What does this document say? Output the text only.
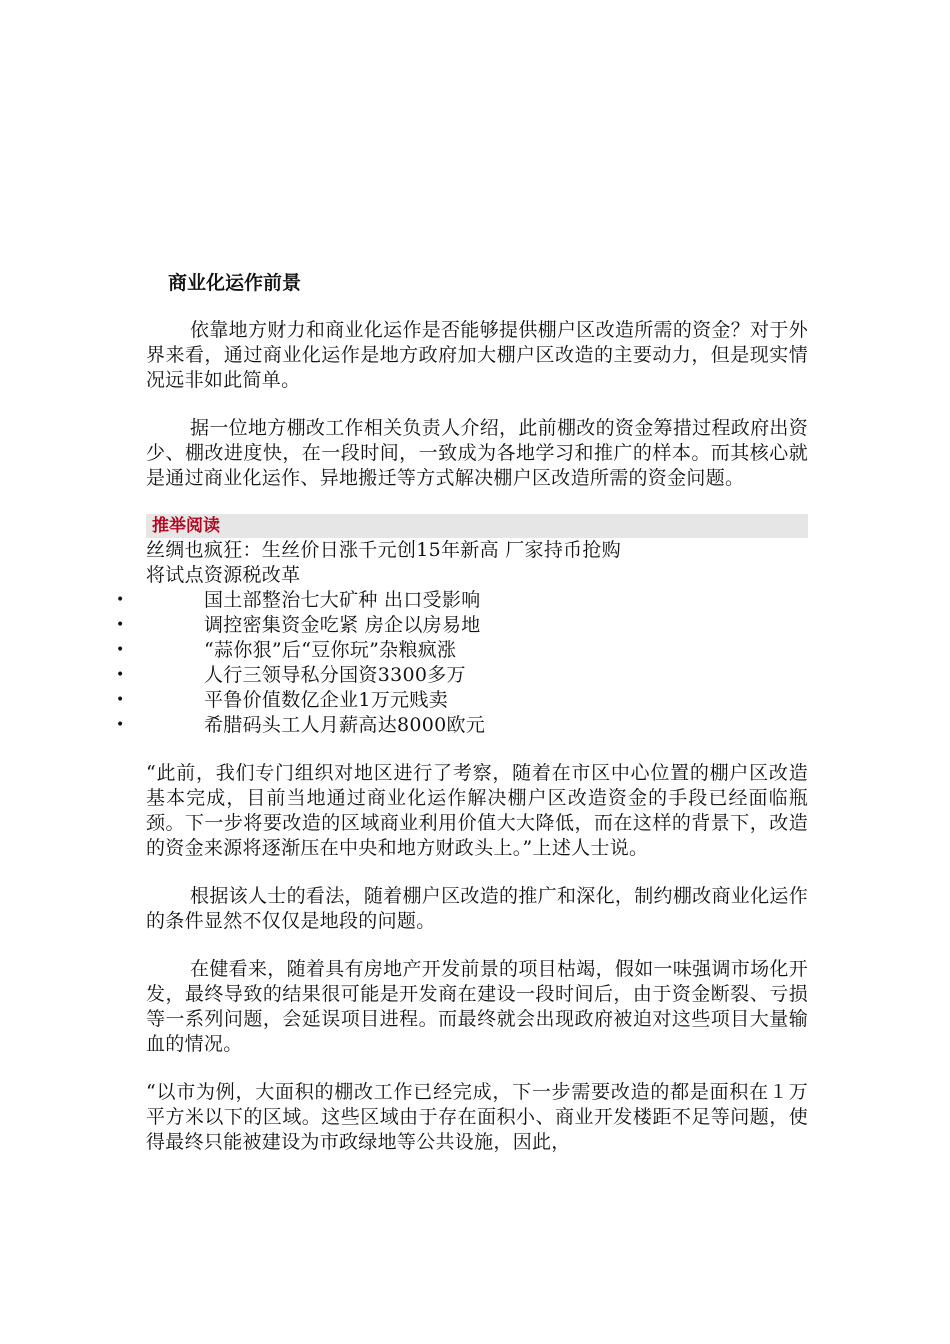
商业化运作前景

依靠地方财力和商业化运作是否能够提供棚户区改造所需的资金？对于外界来看，通过商业化运作是地方政府加大棚户区改造的主要动力，但是现实情况远非如此简单。

据一位地方棚改工作相关负责人介绍，此前棚改的资金筹措过程政府出资少、棚改进度快，在一段时间，一致成为各地学习和推广的样本。而其核心就是通过商业化运作、异地搬迁等方式解决棚户区改造所需的资金问题。

推举阅读
丝绸也疯狂：生丝价日涨千元创15年新高 厂家持币抢购
将试点资源税改革
•	国土部整治七大矿种 出口受影响
•	调控密集资金吃紧 房企以房易地
•	“蒜你狠”后“豆你玩”杂粮疯涨
•	人行三领导私分国资3300多万
•	平鲁价值数亿企业1万元贱卖
•	希腊码头工人月薪高达8000欧元

“此前，我们专门组织对地区进行了考察，随着在市区中心位置的棚户区改造基本完成，目前当地通过商业化运作解决棚户区改造资金的手段已经面临瓶颈。下一步将要改造的区域商业利用价值大大降低，而在这样的背景下，改造的资金来源将逐渐压在中央和地方财政头上。”上述人士说。

根据该人士的看法，随着棚户区改造的推广和深化，制约棚改商业化运作的条件显然不仅仅是地段的问题。

在健看来，随着具有房地产开发前景的项目枯竭，假如一味强调市场化开发，最终导致的结果很可能是开发商在建设一段时间后，由于资金断裂、亏损等一系列问题，会延误项目进程。而最终就会出现政府被迫对这些项目大量输血的情况。

“以市为例，大面积的棚改工作已经完成，下一步需要改造的都是面积在１万平方米以下的区域。这些区域由于存在面积小、商业开发楼距不足等问题，使得最终只能被建设为市政绿地等公共设施，因此，
